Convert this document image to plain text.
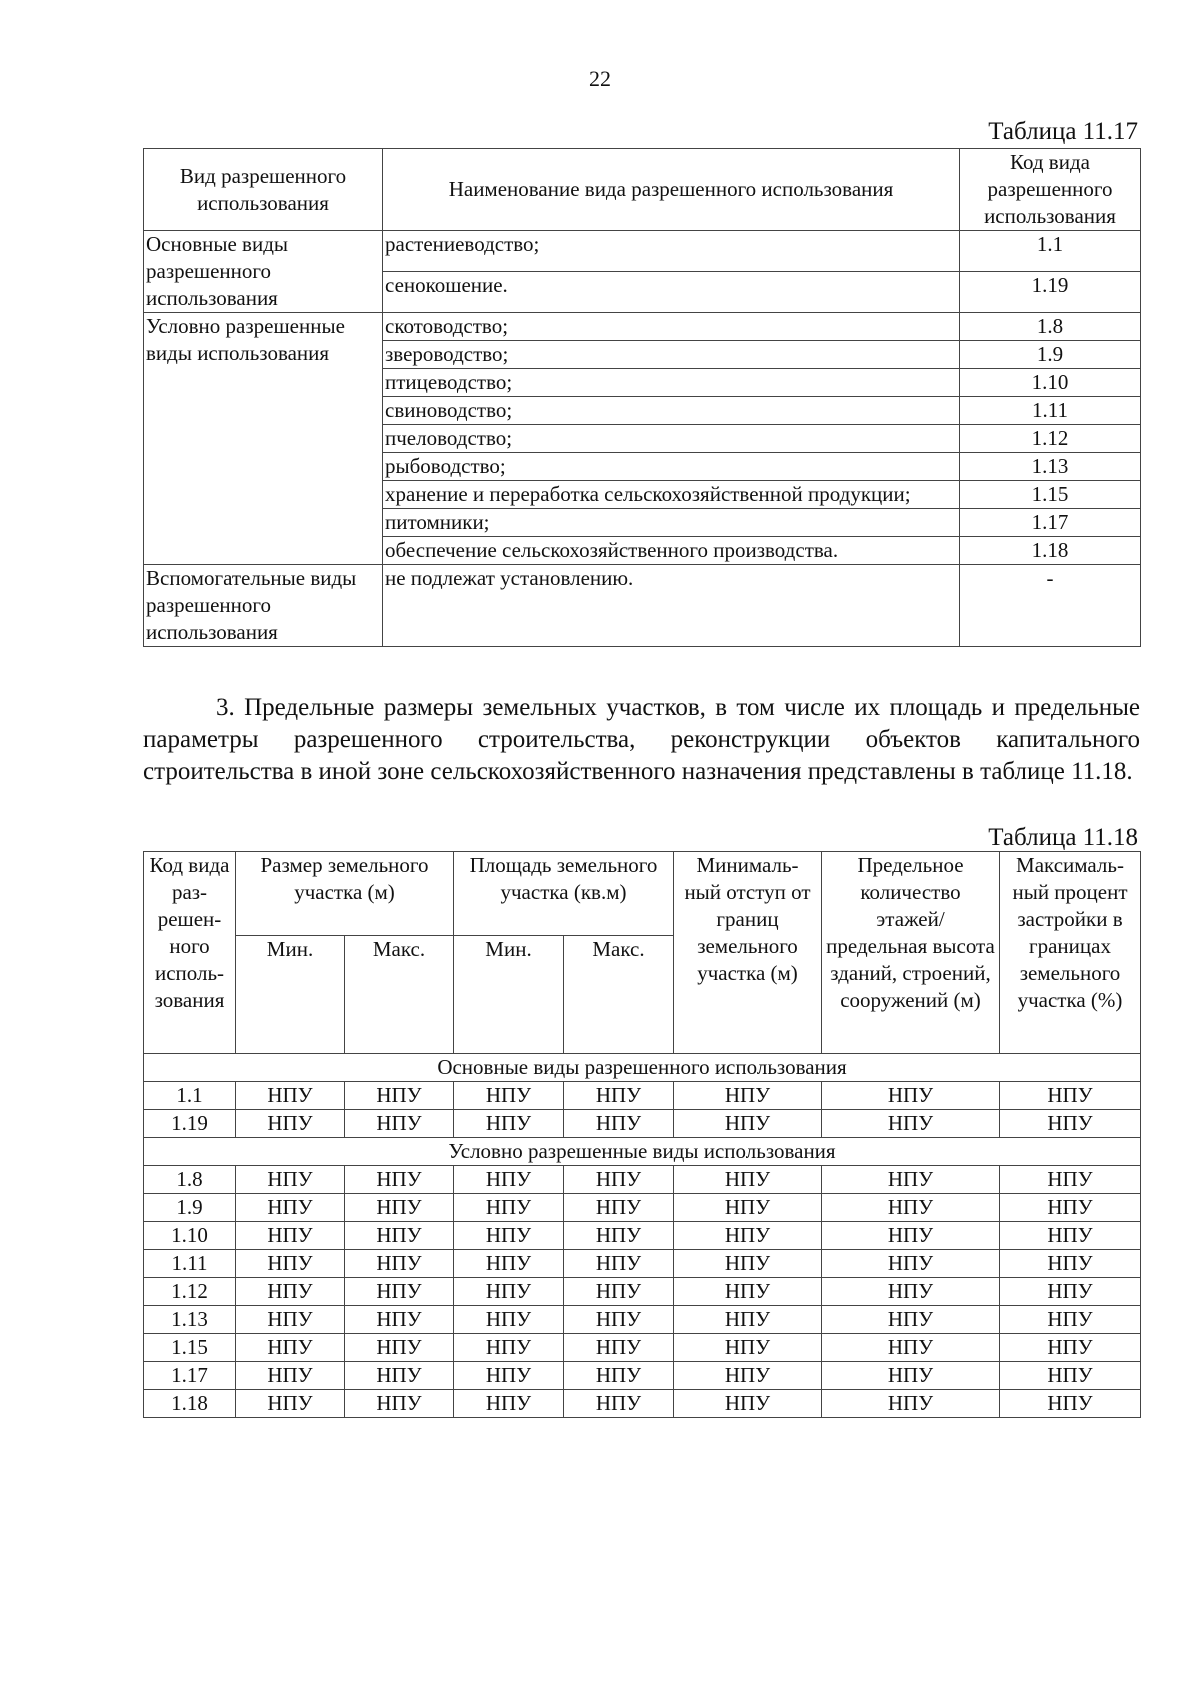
22
Таблица 11.17
Вид разрешенного использования	Наименование вида разрешенного использования	Код вида разрешенного использования
Основные виды разрешенного использования	растениеводство;	1.1
	сенокошение.	1.19
Условно разрешенные виды использования	скотоводство;	1.8
	звероводство;	1.9
	птицеводство;	1.10
	свиноводство;	1.11
	пчеловодство;	1.12
	рыбоводство;	1.13
	хранение и переработка сельскохозяйственной продукции;	1.15
	питомники;	1.17
	обеспечение сельскохозяйственного производства.	1.18
Вспомогательные виды разрешенного использования	не подлежат установлению.	-

3. Предельные размеры земельных участков, в том числе их площадь и предельные параметры разрешенного строительства, реконструкции объектов капитального строительства в иной зоне сельскохозяйственного назначения представлены в таблице 11.18.

Таблица 11.18
Код вида раз- решен- ного исполь- зования	Размер земельного участка (м)		Площадь земельного участка (кв.м)		Минималь- ный отступ от границ земельного участка (м)	Предельное количество этажей/ предельная высота зданий, строений, сооружений (м)	Максималь- ный процент застройки в границах земельного участка (%)
	Мин.	Макс.	Мин.	Макс.			
Основные виды разрешенного использования							
1.1	НПУ	НПУ	НПУ	НПУ	НПУ	НПУ	НПУ
1.19	НПУ	НПУ	НПУ	НПУ	НПУ	НПУ	НПУ
Условно разрешенные виды использования							
1.8	НПУ	НПУ	НПУ	НПУ	НПУ	НПУ	НПУ
1.9	НПУ	НПУ	НПУ	НПУ	НПУ	НПУ	НПУ
1.10	НПУ	НПУ	НПУ	НПУ	НПУ	НПУ	НПУ
1.11	НПУ	НПУ	НПУ	НПУ	НПУ	НПУ	НПУ
1.12	НПУ	НПУ	НПУ	НПУ	НПУ	НПУ	НПУ
1.13	НПУ	НПУ	НПУ	НПУ	НПУ	НПУ	НПУ
1.15	НПУ	НПУ	НПУ	НПУ	НПУ	НПУ	НПУ
1.17	НПУ	НПУ	НПУ	НПУ	НПУ	НПУ	НПУ
1.18	НПУ	НПУ	НПУ	НПУ	НПУ	НПУ	НПУ
